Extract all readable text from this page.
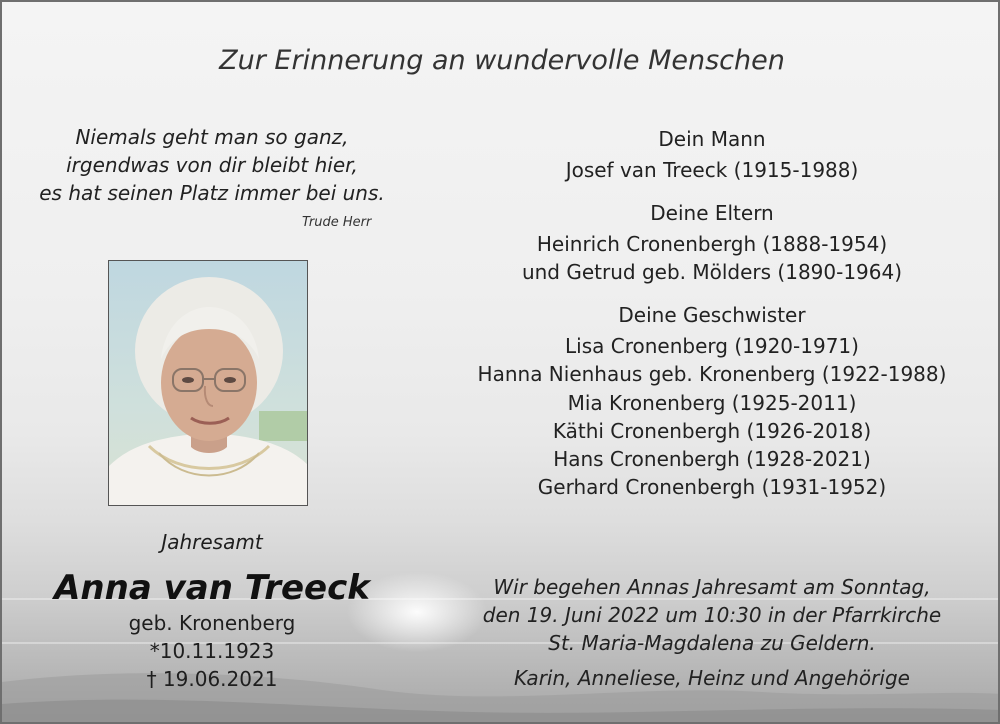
Zur Erinnerung an wundervolle Menschen
Niemals geht man so ganz,
irgendwas von dir bleibt hier,
es hat seinen Platz immer bei uns.
Trude Herr
Dein Mann
Josef van Treeck (1915-1988)
Deine Eltern
Heinrich Cronenbergh (1888-1954)
und Getrud geb. Mölders (1890-1964)
Deine Geschwister
Lisa Cronenberg (1920-1971)
Hanna Nienhaus geb. Kronenberg (1922-1988)
Mia Kronenberg (1925-2011)
Käthi Cronenbergh (1926-2018)
Hans Cronenbergh (1928-2021)
Gerhard Cronenbergh (1931-1952)
Jahresamt
Anna van Treeck
geb. Kronenberg
*10.11.1923
† 19.06.2021
Wir begehen Annas Jahresamt am Sonntag,
den 19. Juni 2022 um 10:30 in der Pfarrkirche
St. Maria-Magdalena zu Geldern.
Karin, Anneliese, Heinz und Angehörige
